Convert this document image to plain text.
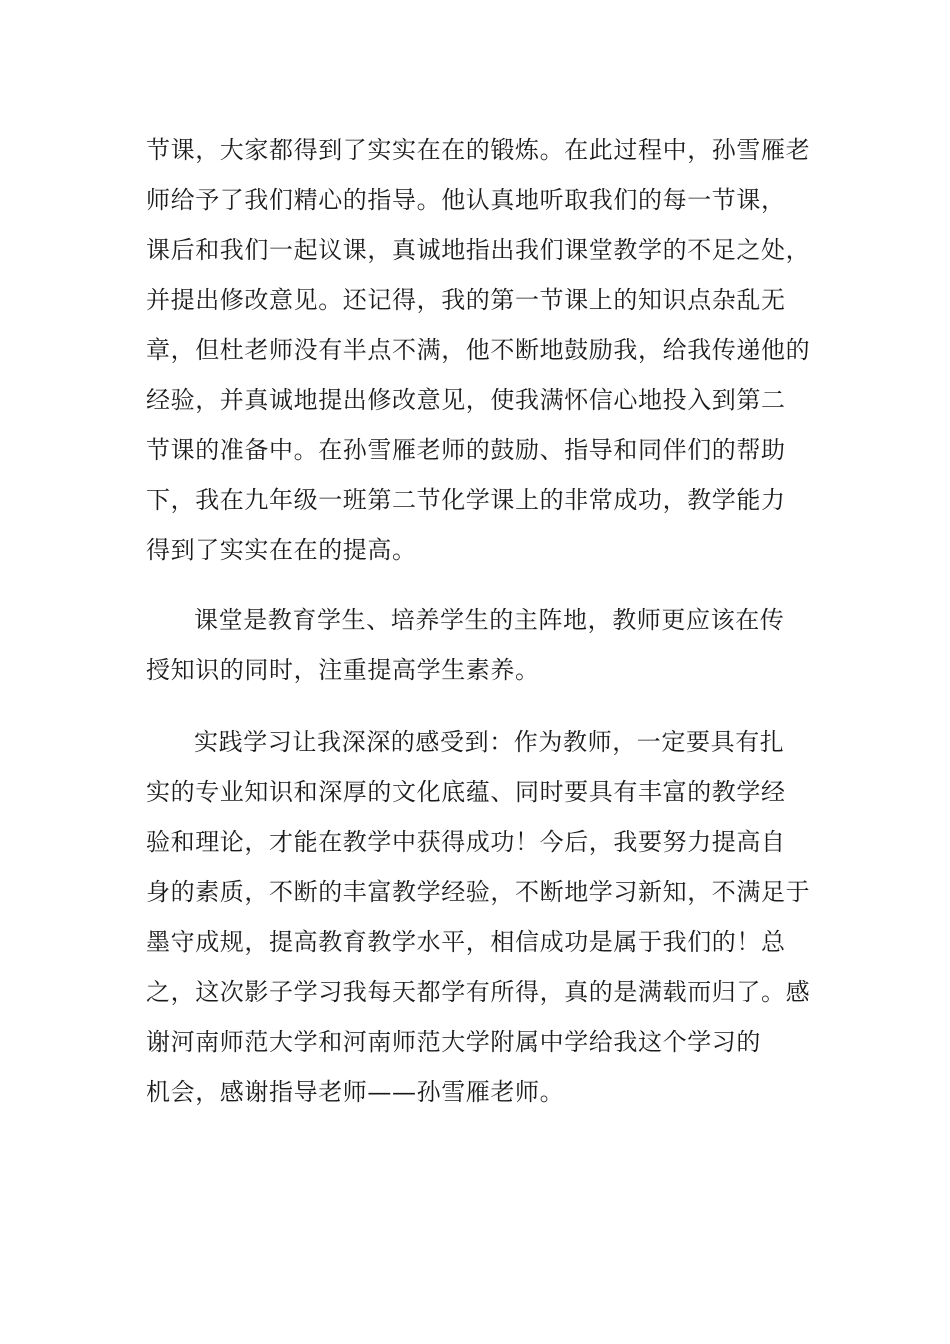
节课，大家都得到了实实在在的锻炼。在此过程中，孙雪雁老
师给予了我们精心的指导。他认真地听取我们的每一节课，
课后和我们一起议课，真诚地指出我们课堂教学的不足之处，
并提出修改意见。还记得，我的第一节课上的知识点杂乱无
章，但杜老师没有半点不满，他不断地鼓励我，给我传递他的
经验，并真诚地提出修改意见，使我满怀信心地投入到第二
节课的准备中。在孙雪雁老师的鼓励、指导和同伴们的帮助
下，我在九年级一班第二节化学课上的非常成功，教学能力
得到了实实在在的提高。
课堂是教育学生、培养学生的主阵地，教师更应该在传
授知识的同时，注重提高学生素养。
实践学习让我深深的感受到：作为教师，一定要具有扎
实的专业知识和深厚的文化底蕴、同时要具有丰富的教学经
验和理论，才能在教学中获得成功！今后，我要努力提高自
身的素质，不断的丰富教学经验，不断地学习新知，不满足于
墨守成规，提高教育教学水平，相信成功是属于我们的！总
之，这次影子学习我每天都学有所得，真的是满载而归了。感
谢河南师范大学和河南师范大学附属中学给我这个学习的
机会，感谢指导老师——孙雪雁老师。
